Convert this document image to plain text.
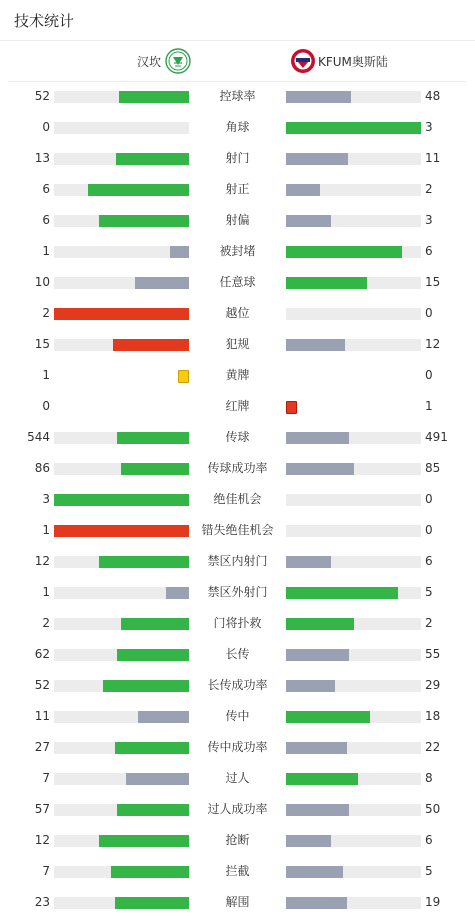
技术统计
汉坎	KFUM奥斯陆
52	控球率	48
0	角球	3
13	射门	11
6	射正	2
6	射偏	3
1	被封堵	6
10	任意球	15
2	越位	0
15	犯规	12
1	黄牌	0
0	红牌	1
544	传球	491
86	传球成功率	85
3	绝佳机会	0
1	错失绝佳机会	0
12	禁区内射门	6
1	禁区外射门	5
2	门将扑救	2
62	长传	55
52	长传成功率	29
11	传中	18
27	传中成功率	22
7	过人	8
57	过人成功率	50
12	抢断	6
7	拦截	5
23	解围	19
